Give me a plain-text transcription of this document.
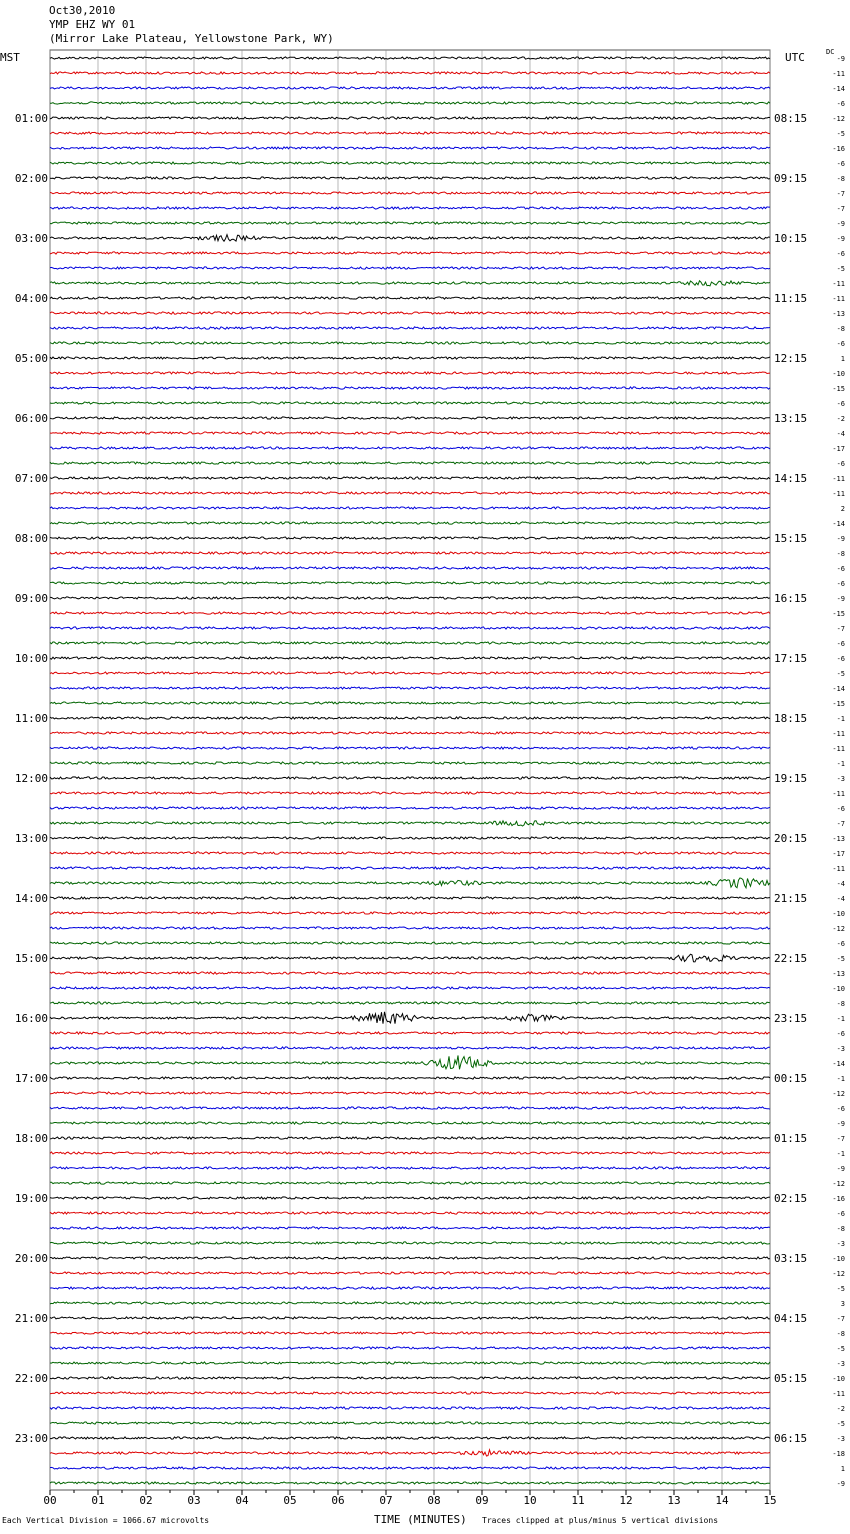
Oct30,2010
YMP EHZ WY 01
(Mirror Lake Plateau, Yellowstone Park, WY)
MST	UTC	DC
00	01	02	03	04	05	06	07	08	09	10	11	12	13	14	15
-9
-11
-14
-6
-12
-5
-16
-6
-8
-7
-7
-9
-9
-6
-5
-11
-11
-13
-8
-6
1
-10
-15
-6
-2
-4
-17
-6
-11
-11
2
-14
-9
-8
-6
-6
-9
-15
-7
-6
-6
-5
-14
-15
-1
-11
-11
-1
-3
-11
-6
-7
-13
-17
-11
-4
-4
-10
-12
-6
-5
-13
-10
-8
-1
-6
-3
-14
-1
-12
-6
-9
-7
-1
-9
-12
-16
-6
-8
-3
-10
-12
-5
3
-7
-8
-5
-3
-10
-11
-2
-5
-3
-18
1
-9
01:00
02:00
03:00
04:00
05:00
06:00
07:00
08:00
09:00
10:00
11:00
12:00
13:00
14:00
15:00
16:00
17:00
18:00
19:00
20:00
21:00
22:00
23:00
08:15
09:15
10:15
11:15
12:15
13:15
14:15
15:15
16:15
17:15
18:15
19:15
20:15
21:15
22:15
23:15
00:15
01:15
02:15
03:15
04:15
05:15
06:15
Each Vertical Division = 1066.67 microvolts	TIME (MINUTES) Traces clipped at plus/minus 5 vertical divisions
